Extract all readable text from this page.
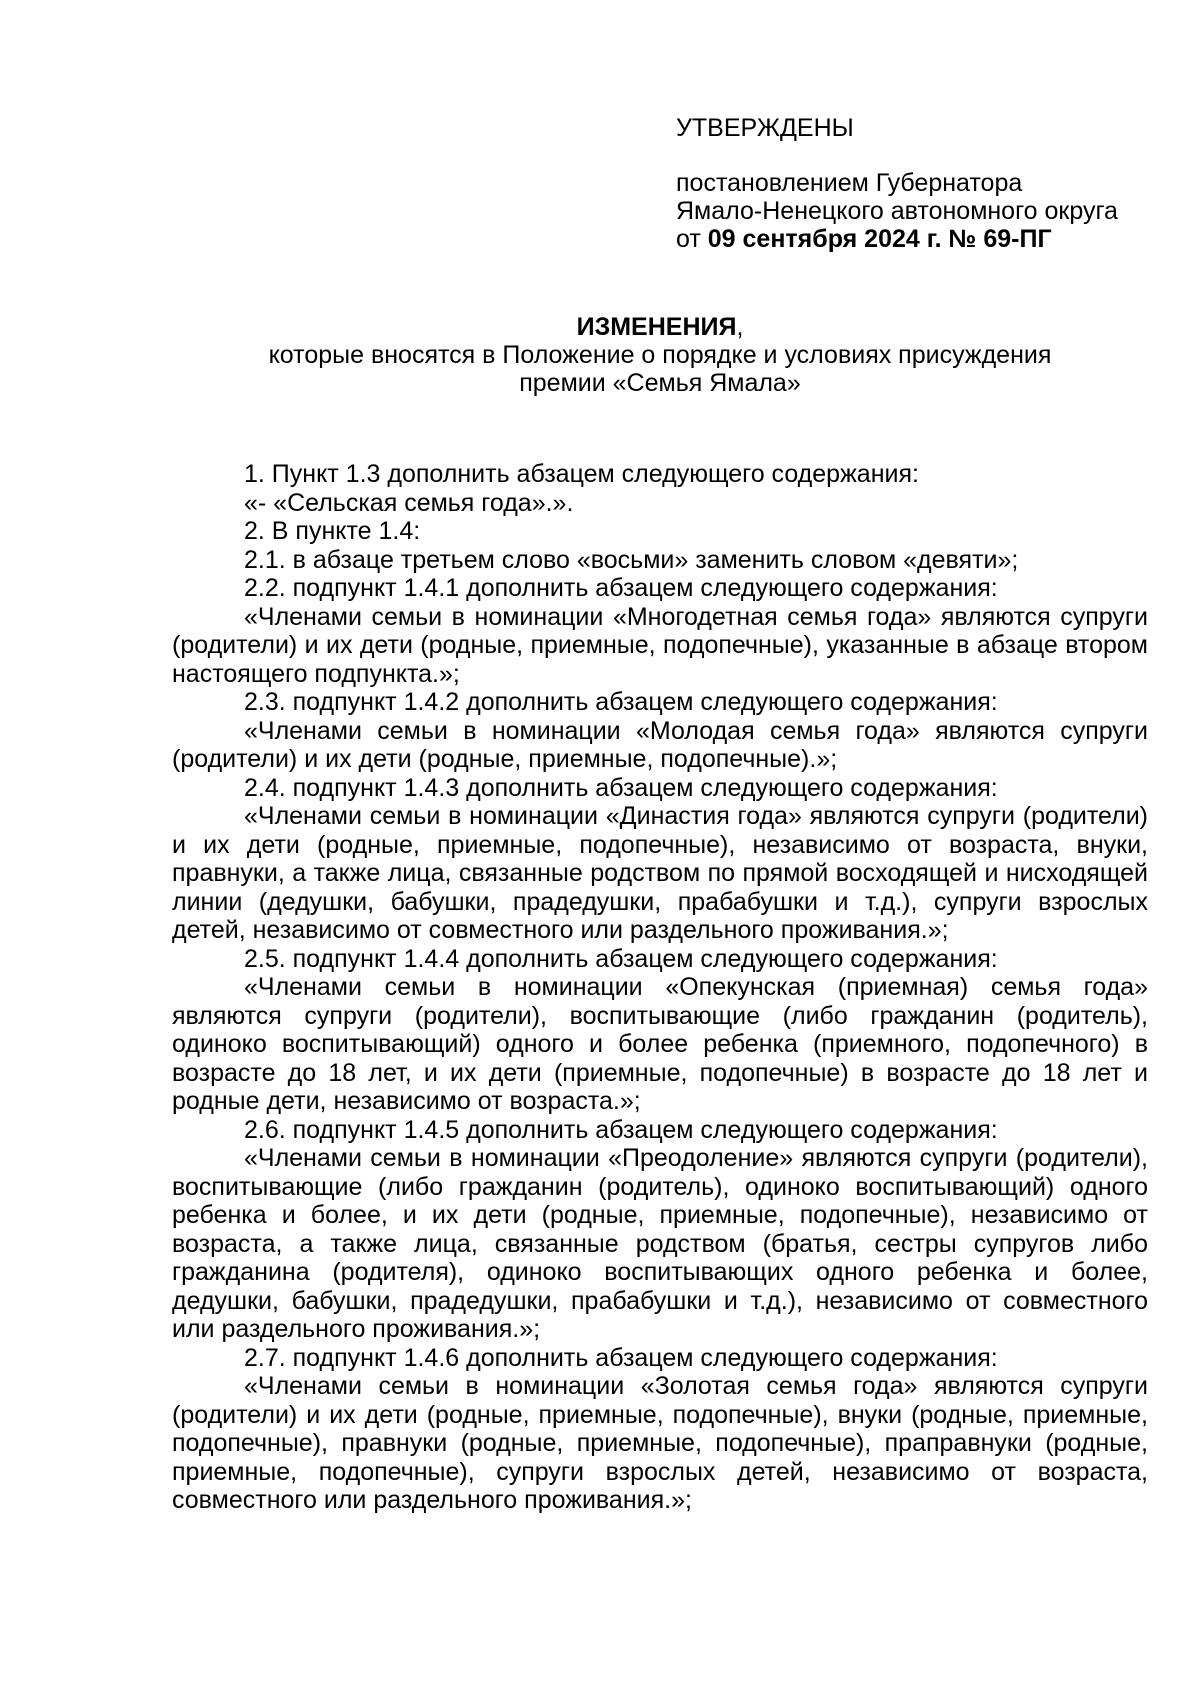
УТВЕРЖДЕНЫ
постановлением Губернатора
Ямало-Ненецкого автономного округа
от 09 сентября 2024 г. № 69-ПГ
ИЗМЕНЕНИЯ,
которые вносятся в Положение о порядке и условиях присуждения
премии «Семья Ямала»

1. Пункт 1.3 дополнить абзацем следующего содержания:

«- «Сельская семья года».».

2. В пункте 1.4:

2.1. в абзаце третьем слово «восьми» заменить словом «девяти»;

2.2. подпункт 1.4.1 дополнить абзацем следующего содержания:

«Членами семьи в номинации «Многодетная семья года» являются супруги (родители) и их дети (родные, приемные, подопечные), указанные в абзаце втором настоящего подпункта.»;

2.3. подпункт 1.4.2 дополнить абзацем следующего содержания:

«Членами семьи в номинации «Молодая семья года» являются супруги (родители) и их дети (родные, приемные, подопечные).»;

2.4. подпункт 1.4.3 дополнить абзацем следующего содержания:

«Членами семьи в номинации «Династия года» являются супруги (родители) и их дети (родные, приемные, подопечные), независимо от возраста, внуки, правнуки, а также лица, связанные родством по прямой восходящей и нисходящей линии (дедушки, бабушки, прадедушки, прабабушки и т.д.), супруги взрослых детей, независимо от совместного или раздельного проживания.»;

2.5. подпункт 1.4.4 дополнить абзацем следующего содержания:

«Членами семьи в номинации «Опекунская (приемная) семья года» являются супруги (родители), воспитывающие (либо гражданин (родитель), одиноко воспитывающий) одного и более ребенка (приемного, подопечного) в возрасте до 18 лет, и их дети (приемные, подопечные) в возрасте до 18 лет и родные дети, независимо от возраста.»;

2.6. подпункт 1.4.5 дополнить абзацем следующего содержания:

«Членами семьи в номинации «Преодоление» являются супруги (родители), воспитывающие (либо гражданин (родитель), одиноко воспитывающий) одного ребенка и более, и их дети (родные, приемные, подопечные), независимо от возраста, а также лица, связанные родством (братья, сестры супругов либо гражданина (родителя), одиноко воспитывающих одного ребенка и более, дедушки, бабушки, прадедушки, прабабушки и т.д.), независимо от совместного или раздельного проживания.»;

2.7. подпункт 1.4.6 дополнить абзацем следующего содержания:

«Членами семьи в номинации «Золотая семья года» являются супруги (родители) и их дети (родные, приемные, подопечные), внуки (родные, приемные, подопечные), правнуки (родные, приемные, подопечные), праправнуки (родные, приемные, подопечные), супруги взрослых детей, независимо от возраста, совместного или раздельного проживания.»;
